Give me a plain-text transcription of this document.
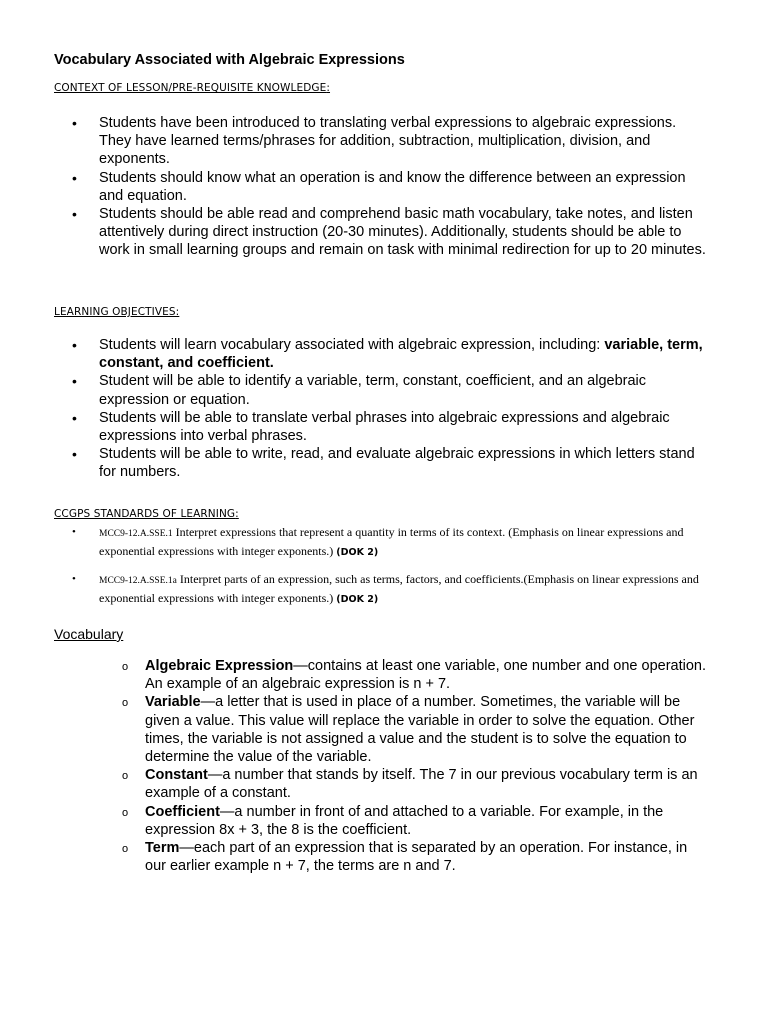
Vocabulary Associated with Algebraic Expressions
CONTEXT OF LESSON/PRE-REQUISITE KNOWLEDGE:
• Students have been introduced to translating verbal expressions to algebraic expressions. They have learned terms/phrases for addition, subtraction, multiplication, division, and exponents.
• Students should know what an operation is and know the difference between an expression and equation.
• Students should be able read and comprehend basic math vocabulary, take notes, and listen attentively during direct instruction (20-30 minutes). Additionally, students should be able to work in small learning groups and remain on task with minimal redirection for up to 20 minutes.
LEARNING OBJECTIVES:
• Students will learn vocabulary associated with algebraic expression, including: variable, term, constant, and coefficient.
• Student will be able to identify a variable, term, constant, coefficient, and an algebraic expression or equation.
• Students will be able to translate verbal phrases into algebraic expressions and algebraic expressions into verbal phrases.
• Students will be able to write, read, and evaluate algebraic expressions in which letters stand for numbers.
CCGPS STANDARDS OF LEARNING:
• MCC9-12.A.SSE.1 Interpret expressions that represent a quantity in terms of its context. (Emphasis on linear expressions and exponential expressions with integer exponents.) (DOK 2)
• MCC9-12.A.SSE.1a Interpret parts of an expression, such as terms, factors, and coefficients.(Emphasis on linear expressions and exponential expressions with integer exponents.) (DOK 2)
Vocabulary
o Algebraic Expression—contains at least one variable, one number and one operation. An example of an algebraic expression is n + 7.
o Variable—a letter that is used in place of a number. Sometimes, the variable will be given a value. This value will replace the variable in order to solve the equation. Other times, the variable is not assigned a value and the student is to solve the equation to determine the value of the variable.
o Constant—a number that stands by itself. The 7 in our previous vocabulary term is an example of a constant.
o Coefficient—a number in front of and attached to a variable. For example, in the expression 8x + 3, the 8 is the coefficient.
o Term—each part of an expression that is separated by an operation. For instance, in our earlier example n + 7, the terms are n and 7.
